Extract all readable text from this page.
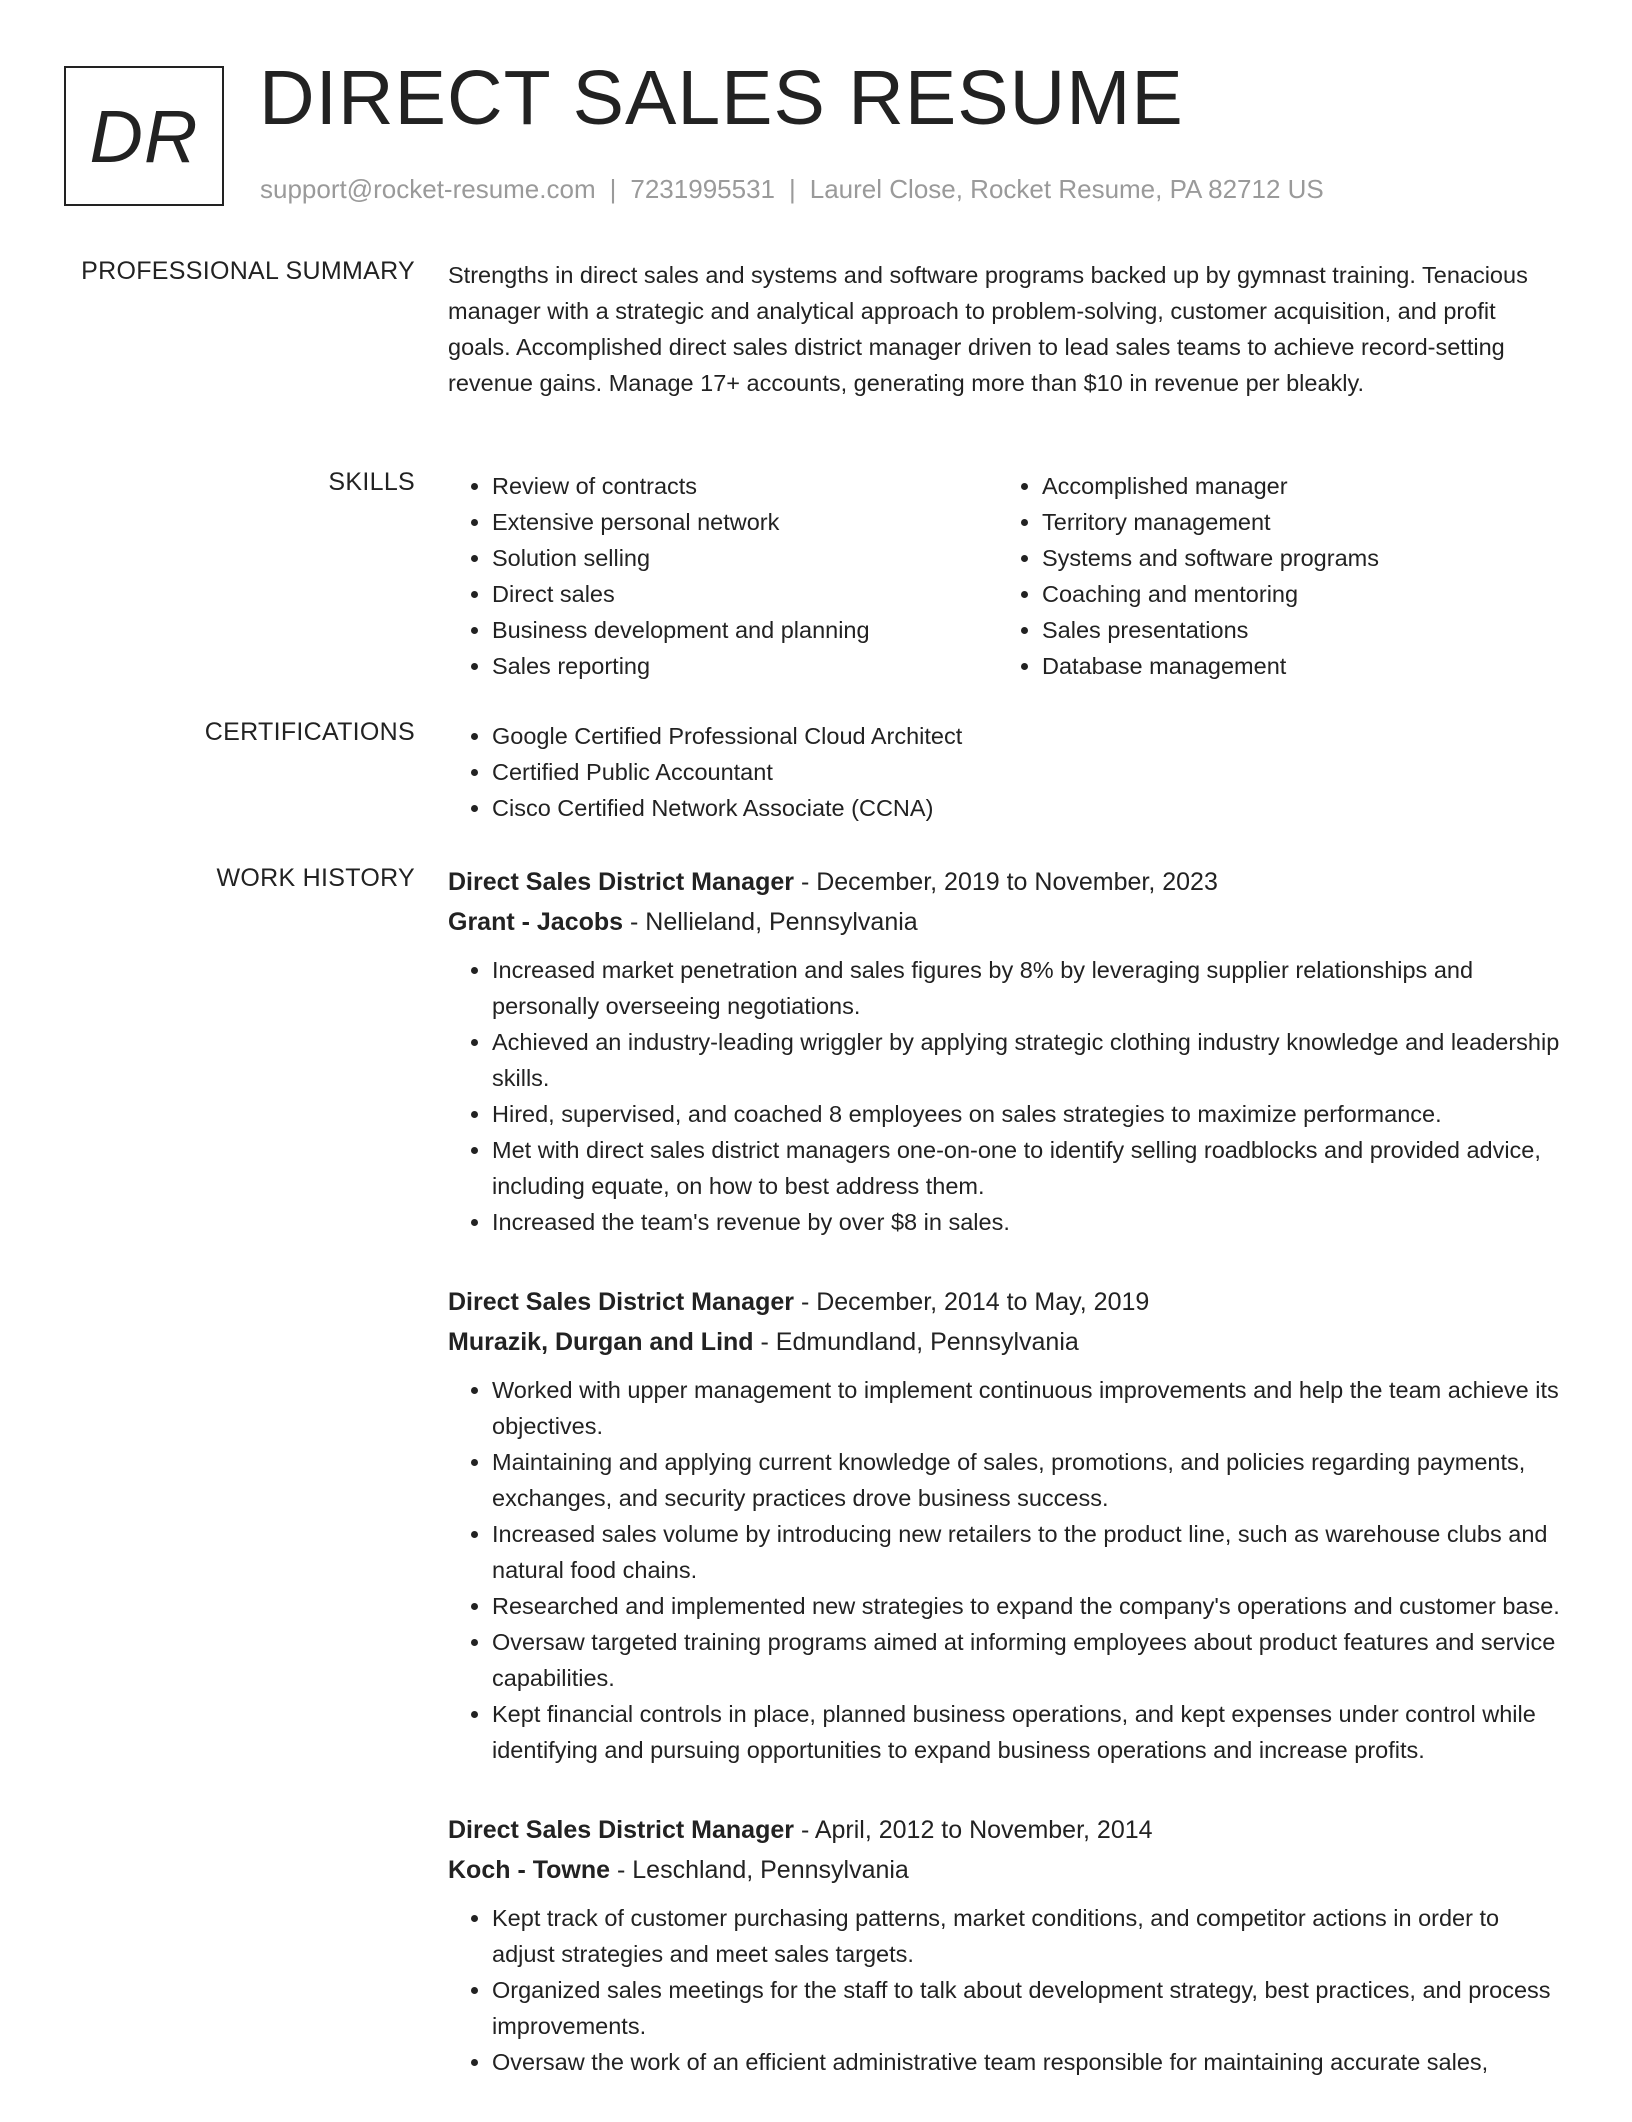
DR DIRECT SALES RESUME
support@rocket-resume.com | 7231995531 | Laurel Close, Rocket Resume, PA 82712 US
PROFESSIONAL SUMMARY Strengths in direct sales and systems and software programs backed up by gymnast training. Tenacious manager with a strategic and analytical approach to problem-solving, customer acquisition, and profit goals. Accomplished direct sales district manager driven to lead sales teams to achieve record-setting revenue gains. Manage 17+ accounts, generating more than $10 in revenue per bleakly.

SKILLS	• Review of contracts
• Extensive personal network
• Solution selling
• Direct sales
• Business development and planning
• Sales reporting
• Accomplished manager
• Territory management
• Systems and software programs
• Coaching and mentoring
• Sales presentations
• Database management
CERTIFICATIONS	• Google Certified Professional Cloud Architect
• Certified Public Accountant
• Cisco Certified Network Associate (CCNA)
WORK HISTORY Direct Sales District Manager - December, 2019 to November, 2023
Grant - Jacobs - Nellieland, Pennsylvania
• Increased market penetration and sales figures by 8% by leveraging supplier relationships and personally overseeing negotiations.
• Achieved an industry-leading wriggler by applying strategic clothing industry knowledge and leadership skills.
• Hired, supervised, and coached 8 employees on sales strategies to maximize performance.
• Met with direct sales district managers one-on-one to identify selling roadblocks and provided advice, including equate, on how to best address them.
• Increased the team's revenue by over $8 in sales.
Direct Sales District Manager - December, 2014 to May, 2019
Murazik, Durgan and Lind - Edmundland, Pennsylvania
• Worked with upper management to implement continuous improvements and help the team achieve its objectives.
• Maintaining and applying current knowledge of sales, promotions, and policies regarding payments, exchanges, and security practices drove business success.
• Increased sales volume by introducing new retailers to the product line, such as warehouse clubs and natural food chains.
• Researched and implemented new strategies to expand the company's operations and customer base.
• Oversaw targeted training programs aimed at informing employees about product features and service capabilities.
• Kept financial controls in place, planned business operations, and kept expenses under control while identifying and pursuing opportunities to expand business operations and increase profits.
Direct Sales District Manager - April, 2012 to November, 2014
Koch - Towne - Leschland, Pennsylvania
• Kept track of customer purchasing patterns, market conditions, and competitor actions in order to adjust strategies and meet sales targets.
• Organized sales meetings for the staff to talk about development strategy, best practices, and process improvements.
• Oversaw the work of an efficient administrative team responsible for maintaining accurate sales,
